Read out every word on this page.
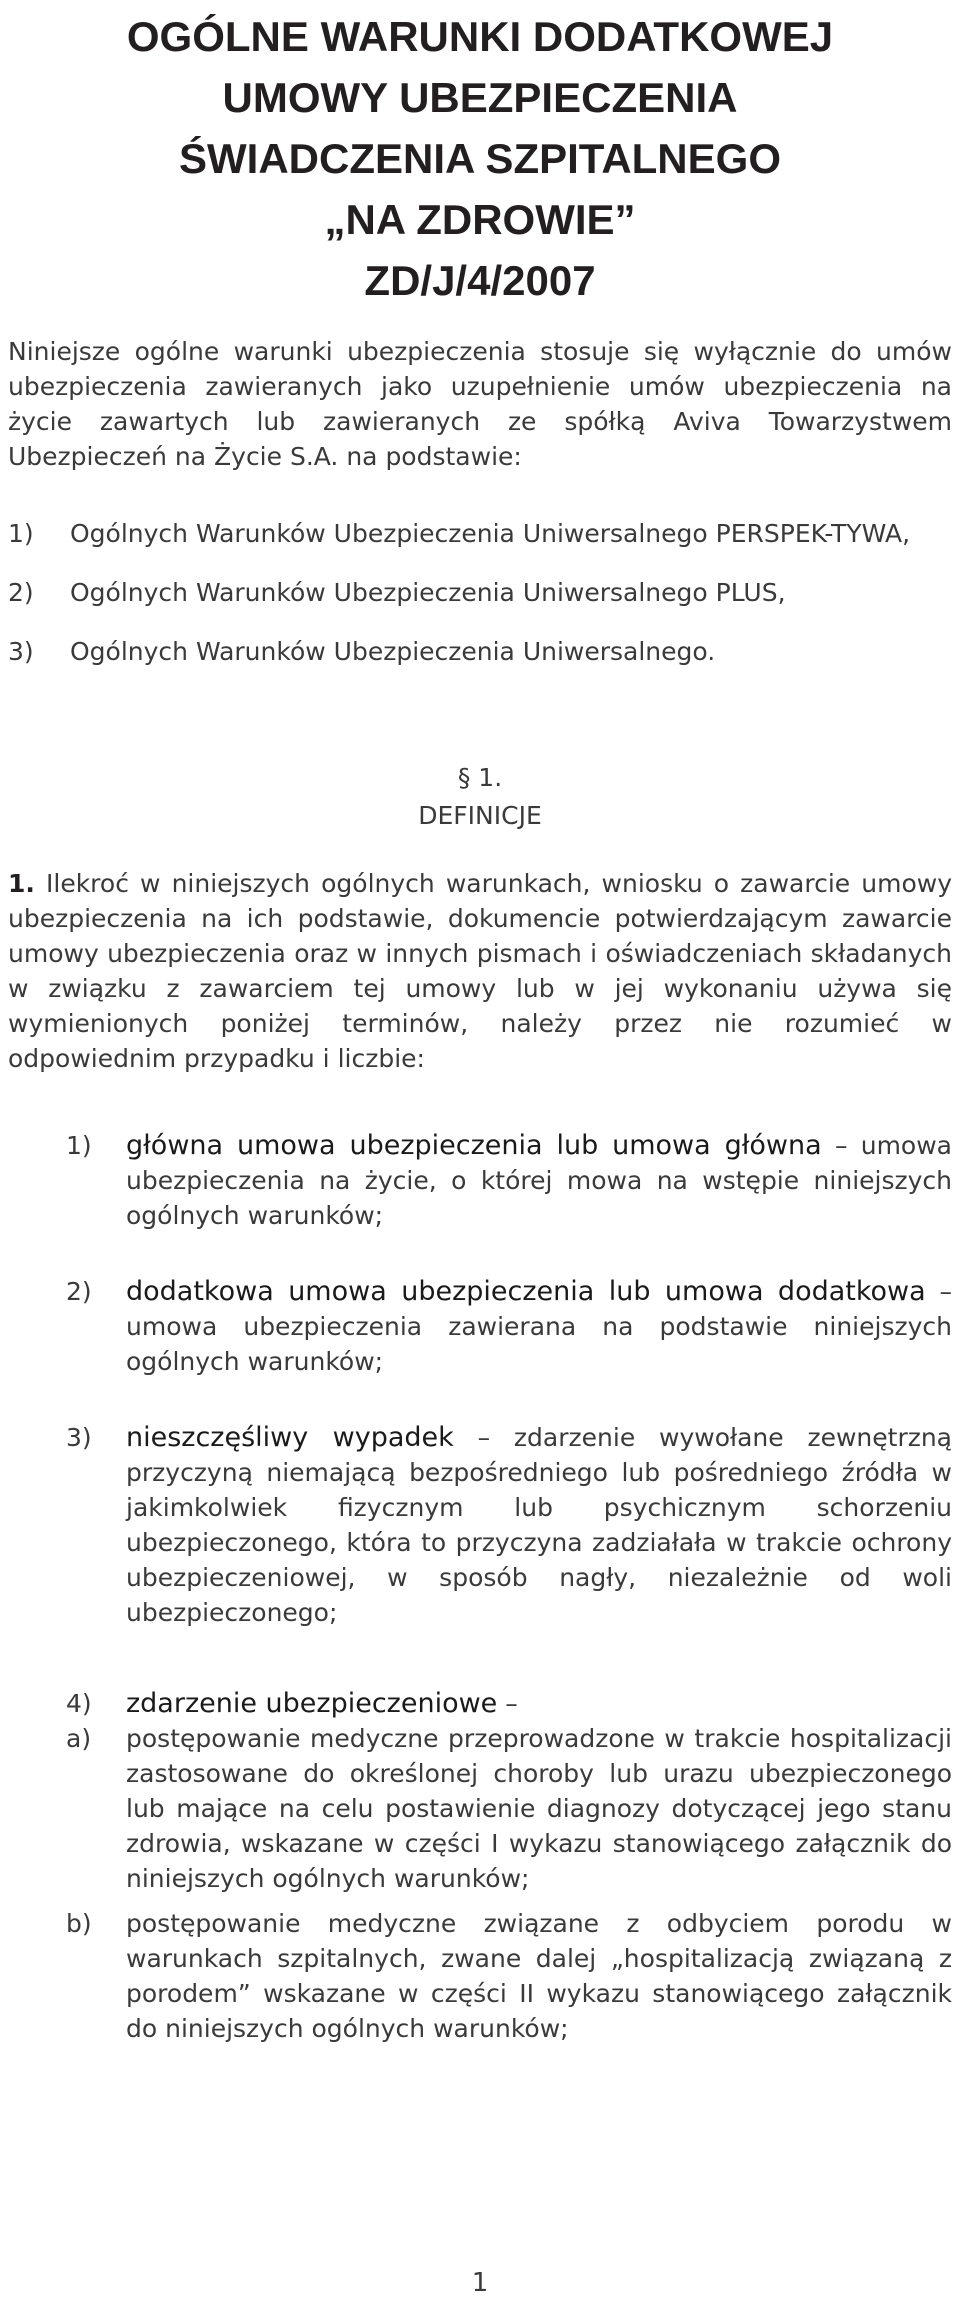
OGÓLNE WARUNKI DODATKOWEJ
UMOWY UBEZPIECZENIA
ŚWIADCZENIA SZPITALNEGO
„NA ZDROWIE”
ZD/J/4/2007
Niniejsze ogólne warunki ubezpieczenia stosuje się wyłącznie do umów ubezpieczenia zawieranych jako uzupełnienie umów ubezpieczenia na życie zawartych lub zawieranych ze spółką Aviva Towarzystwem Ubezpieczeń na Życie S.A. na podstawie:
1) Ogólnych Warunków Ubezpieczenia Uniwersalnego PERSPEK-TYWA,
2) Ogólnych Warunków Ubezpieczenia Uniwersalnego PLUS,
3) Ogólnych Warunków Ubezpieczenia Uniwersalnego.
§ 1.
DEFINICJE
1. Ilekroć w niniejszych ogólnych warunkach, wniosku o zawarcie umowy ubezpieczenia na ich podstawie, dokumencie potwierdzającym zawarcie umowy ubezpieczenia oraz w innych pismach i oświadczeniach składanych w związku z zawarciem tej umowy lub w jej wykonaniu używa się wymienionych poniżej terminów, należy przez nie rozumieć w odpowiednim przypadku i liczbie:
1) główna umowa ubezpieczenia lub umowa główna – umowa ubezpieczenia na życie, o której mowa na wstępie niniejszych ogólnych warunków;
2) dodatkowa umowa ubezpieczenia lub umowa dodatkowa – umowa ubezpieczenia zawierana na podstawie niniejszych ogólnych warunków;
3) nieszczęśliwy wypadek – zdarzenie wywołane zewnętrzną przyczyną niemającą bezpośredniego lub pośredniego źródła w jakimkolwiek fizycznym lub psychicznym schorzeniu ubezpieczonego, która to przyczyna zadziałała w trakcie ochrony ubezpieczeniowej, w sposób nagły, niezależnie od woli ubezpieczonego;
4) zdarzenie ubezpieczeniowe –
a) postępowanie medyczne przeprowadzone w trakcie hospitalizacji zastosowane do określonej choroby lub urazu ubezpieczonego lub mające na celu postawienie diagnozy dotyczącej jego stanu zdrowia, wskazane w części I wykazu stanowiącego załącznik do niniejszych ogólnych warunków;
b) postępowanie medyczne związane z odbyciem porodu w warunkach szpitalnych, zwane dalej „hospitalizacją związaną z porodem” wskazane w części II wykazu stanowiącego załącznik do niniejszych ogólnych warunków;
1
